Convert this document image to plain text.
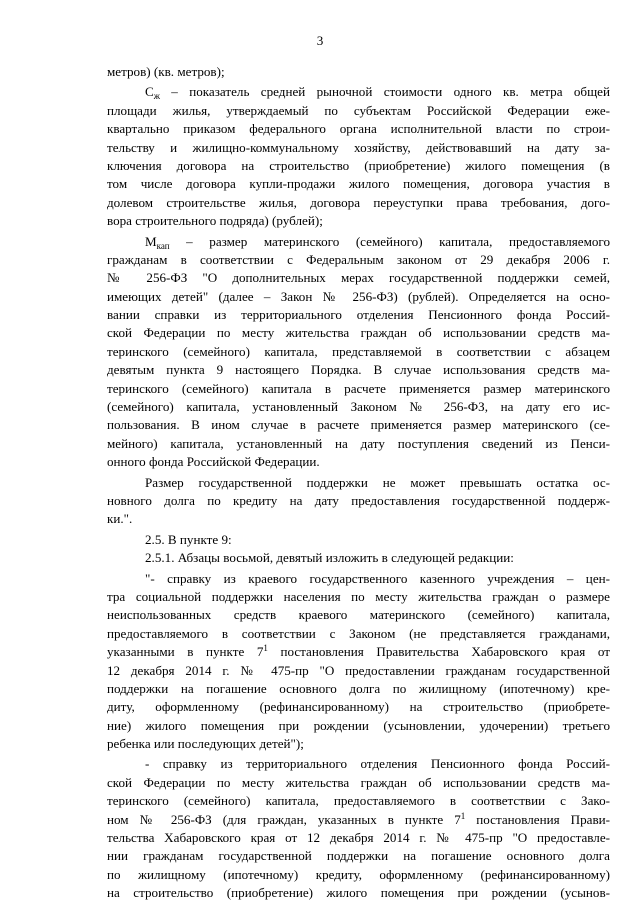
3
метров) (кв. метров);
$С_ж$ – показатель средней рыночной стоимости одного кв. метра общей
площади жилья, утверждаемый по субъектам Российской Федерации еже-
квартально приказом федерального органа исполнительной власти по строи-
тельству и жилищно-коммунальному хозяйству, действовавший на дату за-
ключения договора на строительство (приобретение) жилого помещения (в
том числе договора купли-продажи жилого помещения, договора участия в
долевом строительстве жилья, договора переуступки права требования, дого-
вора строительного подряда) (рублей);
$М_{кап}$ – размер материнского (семейного) капитала, предоставляемого
гражданам в соответствии с Федеральным законом от 29 декабря 2006 г.
№ 256-ФЗ "О дополнительных мерах государственной поддержки семей,
имеющих детей" (далее – Закон № 256-ФЗ) (рублей). Определяется на осно-
вании справки из территориального отделения Пенсионного фонда Россий-
ской Федерации по месту жительства граждан об использовании средств ма-
теринского (семейного) капитала, представляемой в соответствии с абзацем
девятым пункта 9 настоящего Порядка. В случае использования средств ма-
теринского (семейного) капитала в расчете применяется размер материнского
(семейного) капитала, установленный Законом № 256-ФЗ, на дату его ис-
пользования. В ином случае в расчете применяется размер материнского (се-
мейного) капитала, установленный на дату поступления сведений из Пенси-
онного фонда Российской Федерации.
Размер государственной поддержки не может превышать остатка ос-
новного долга по кредиту на дату предоставления государственной поддерж-
ки.".
2.5. В пункте 9:
2.5.1. Абзацы восьмой, девятый изложить в следующей редакции:
"- справку из краевого государственного казенного учреждения – цен-
тра социальной поддержки населения по месту жительства граждан о размере
неиспользованных средств краевого материнского (семейного) капитала,
предоставляемого в соответствии с Законом (не представляется гражданами,
указанными в пункте $7^1$ постановления Правительства Хабаровского края от
12 декабря 2014 г. № 475-пр "О предоставлении гражданам государственной
поддержки на погашение основного долга по жилищному (ипотечному) кре-
диту, оформленному (рефинансированному) на строительство (приобрете-
ние) жилого помещения при рождении (усыновлении, удочерении) третьего
ребенка или последующих детей");
- справку из территориального отделения Пенсионного фонда Россий-
ской Федерации по месту жительства граждан об использовании средств ма-
теринского (семейного) капитала, предоставляемого в соответствии с Зако-
ном № 256-ФЗ (для граждан, указанных в пункте $7^1$ постановления Прави-
тельства Хабаровского края от 12 декабря 2014 г. № 475-пр "О предоставле-
нии гражданам государственной поддержки на погашение основного долга
по жилищному (ипотечному) кредиту, оформленному (рефинансированному)
на строительство (приобретение) жилого помещения при рождении (усынов-
